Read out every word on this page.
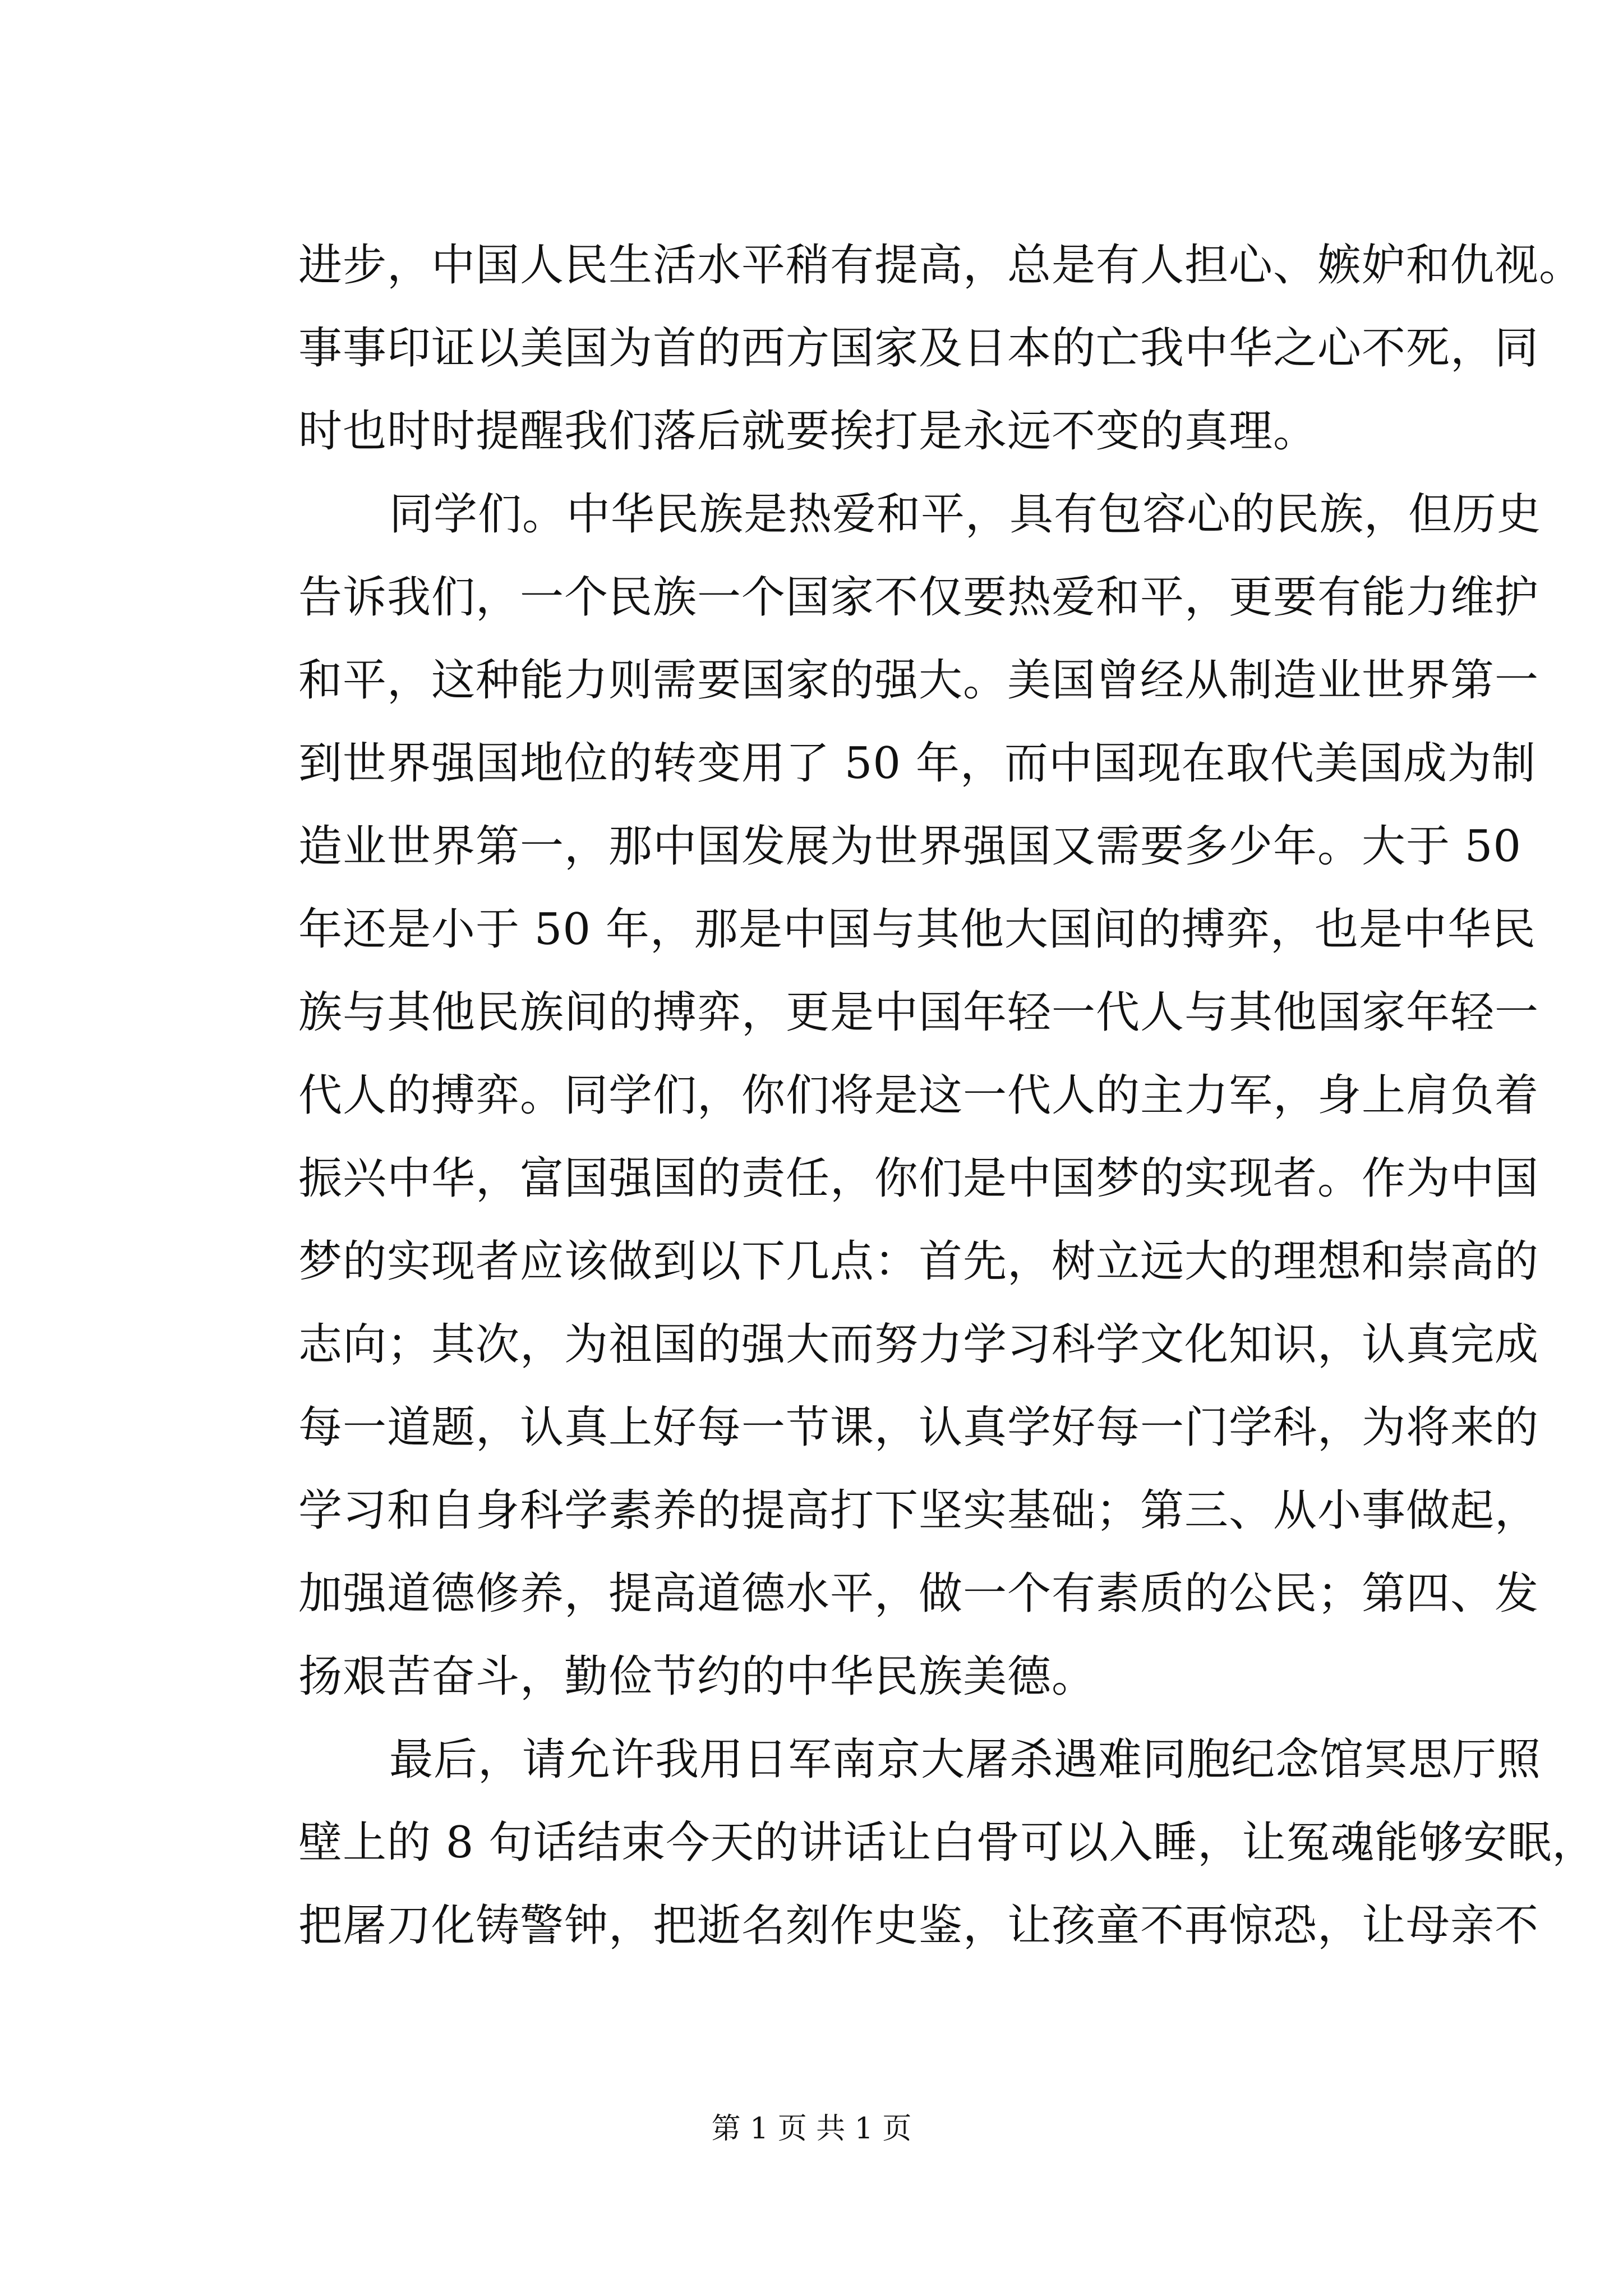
进步，中国人民生活水平稍有提高，总是有人担心、嫉妒和仇视。
事事印证以美国为首的西方国家及日本的亡我中华之心不死，同
时也时时提醒我们落后就要挨打是永远不变的真理。
同学们。中华民族是热爱和平，具有包容心的民族，但历史
告诉我们，一个民族一个国家不仅要热爱和平，更要有能力维护
和平，这种能力则需要国家的强大。美国曾经从制造业世界第一
到世界强国地位的转变用了 50 年，而中国现在取代美国成为制
造业世界第一，那中国发展为世界强国又需要多少年。大于 50
年还是小于 50 年，那是中国与其他大国间的搏弈，也是中华民
族与其他民族间的搏弈，更是中国年轻一代人与其他国家年轻一
代人的搏弈。同学们，你们将是这一代人的主力军，身上肩负着
振兴中华，富国强国的责任，你们是中国梦的实现者。作为中国
梦的实现者应该做到以下几点：首先，树立远大的理想和崇高的
志向；其次，为祖国的强大而努力学习科学文化知识，认真完成
每一道题，认真上好每一节课，认真学好每一门学科，为将来的
学习和自身科学素养的提高打下坚实基础；第三、从小事做起，
加强道德修养，提高道德水平，做一个有素质的公民；第四、发
扬艰苦奋斗，勤俭节约的中华民族美德。
最后，请允许我用日军南京大屠杀遇难同胞纪念馆冥思厅照
壁上的 8 句话结束今天的讲话让白骨可以入睡，让冤魂能够安眠，
把屠刀化铸警钟，把逝名刻作史鉴，让孩童不再惊恐，让母亲不
第 1 页 共 1 页
